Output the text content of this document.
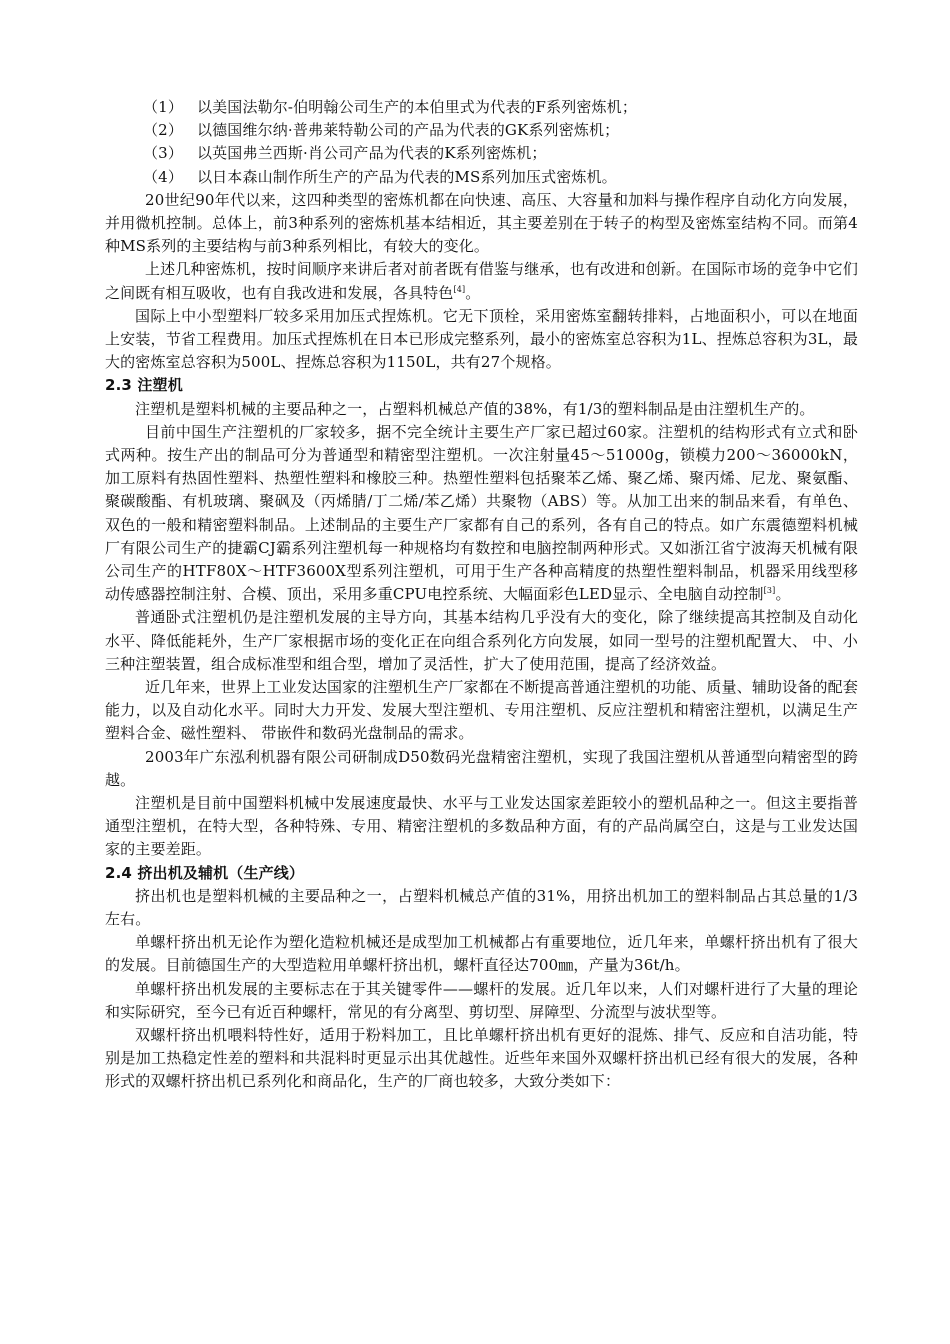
（1） 以美国法勒尔-伯明翰公司生产的本伯里式为代表的F系列密炼机；
（2） 以德国维尔纳·普弗莱特勒公司的产品为代表的GK系列密炼机；
（3） 以英国弗兰西斯·肖公司产品为代表的K系列密炼机；
（4） 以日本森山制作所生产的产品为代表的MS系列加压式密炼机。

20世纪90年代以来，这四种类型的密炼机都在向快速、高压、大容量和加料与操作程序自动化方向发展，并用微机控制。总体上，前3种系列的密炼机基本结相近，其主要差别在于转子的构型及密炼室结构不同。而第4种MS系列的主要结构与前3种系列相比，有较大的变化。

上述几种密炼机，按时间顺序来讲后者对前者既有借鉴与继承，也有改进和创新。在国际市场的竞争中它们之间既有相互吸收，也有自我改进和发展，各具特色[4]。

国际上中小型塑料厂较多采用加压式捏炼机。它无下顶栓，采用密炼室翻转排料，占地面积小，可以在地面上安装，节省工程费用。加压式捏炼机在日本已形成完整系列，最小的密炼室总容积为1L、捏炼总容积为3L，最大的密炼室总容积为500L、捏炼总容积为1150L，共有27个规格。

2.3 注塑机

注塑机是塑料机械的主要品种之一，占塑料机械总产值的38%，有1/3的塑料制品是由注塑机生产的。

目前中国生产注塑机的厂家较多，据不完全统计主要生产厂家已超过60家。注塑机的结构形式有立式和卧式两种。按生产出的制品可分为普通型和精密型注塑机。一次注射量45～51000g，锁模力200～36000kN，加工原料有热固性塑料、热塑性塑料和橡胶三种。热塑性塑料包括聚苯乙烯、聚乙烯、聚丙烯、尼龙、聚氨酯、聚碳酸酯、有机玻璃、聚砜及（丙烯腈/丁二烯/苯乙烯）共聚物（ABS）等。从加工出来的制品来看，有单色、双色的一般和精密塑料制品。上述制品的主要生产厂家都有自己的系列，各有自己的特点。如广东震德塑料机械厂有限公司生产的捷霸CJ霸系列注塑机每一种规格均有数控和电脑控制两种形式。又如浙江省宁波海天机械有限公司生产的HTF80X～HTF3600X型系列注塑机，可用于生产各种高精度的热塑性塑料制品，机器采用线型移动传感器控制注射、合模、顶出，采用多重CPU电控系统、大幅面彩色LED显示、全电脑自动控制[3]。

普通卧式注塑机仍是注塑机发展的主导方向，其基本结构几乎没有大的变化，除了继续提高其控制及自动化水平、降低能耗外，生产厂家根据市场的变化正在向组合系列化方向发展，如同一型号的注塑机配置大、 中、小三种注塑装置，组合成标准型和组合型，增加了灵活性，扩大了使用范围，提高了经济效益。

近几年来，世界上工业发达国家的注塑机生产厂家都在不断提高普通注塑机的功能、质量、辅助设备的配套能力，以及自动化水平。同时大力开发、发展大型注塑机、专用注塑机、反应注塑机和精密注塑机，以满足生产塑料合金、磁性塑料、 带嵌件和数码光盘制品的需求。

2003年广东泓利机器有限公司研制成D50数码光盘精密注塑机，实现了我国注塑机从普通型向精密型的跨越。

注塑机是目前中国塑料机械中发展速度最快、水平与工业发达国家差距较小的塑机品种之一。但这主要指普通型注塑机，在特大型，各种特殊、专用、精密注塑机的多数品种方面，有的产品尚属空白，这是与工业发达国家的主要差距。

2.4 挤出机及辅机（生产线）

挤出机也是塑料机械的主要品种之一，占塑料机械总产值的31%，用挤出机加工的塑料制品占其总量的1/3左右。

单螺杆挤出机无论作为塑化造粒机械还是成型加工机械都占有重要地位，近几年来，单螺杆挤出机有了很大的发展。目前德国生产的大型造粒用单螺杆挤出机，螺杆直径达700㎜，产量为36t/h。

单螺杆挤出机发展的主要标志在于其关键零件——螺杆的发展。近几年以来，人们对螺杆进行了大量的理论和实际研究，至今已有近百种螺杆，常见的有分离型、剪切型、屏障型、分流型与波状型等。

双螺杆挤出机喂料特性好，适用于粉料加工，且比单螺杆挤出机有更好的混炼、排气、反应和自洁功能，特别是加工热稳定性差的塑料和共混料时更显示出其优越性。近些年来国外双螺杆挤出机已经有很大的发展，各种形式的双螺杆挤出机已系列化和商品化，生产的厂商也较多，大致分类如下：
